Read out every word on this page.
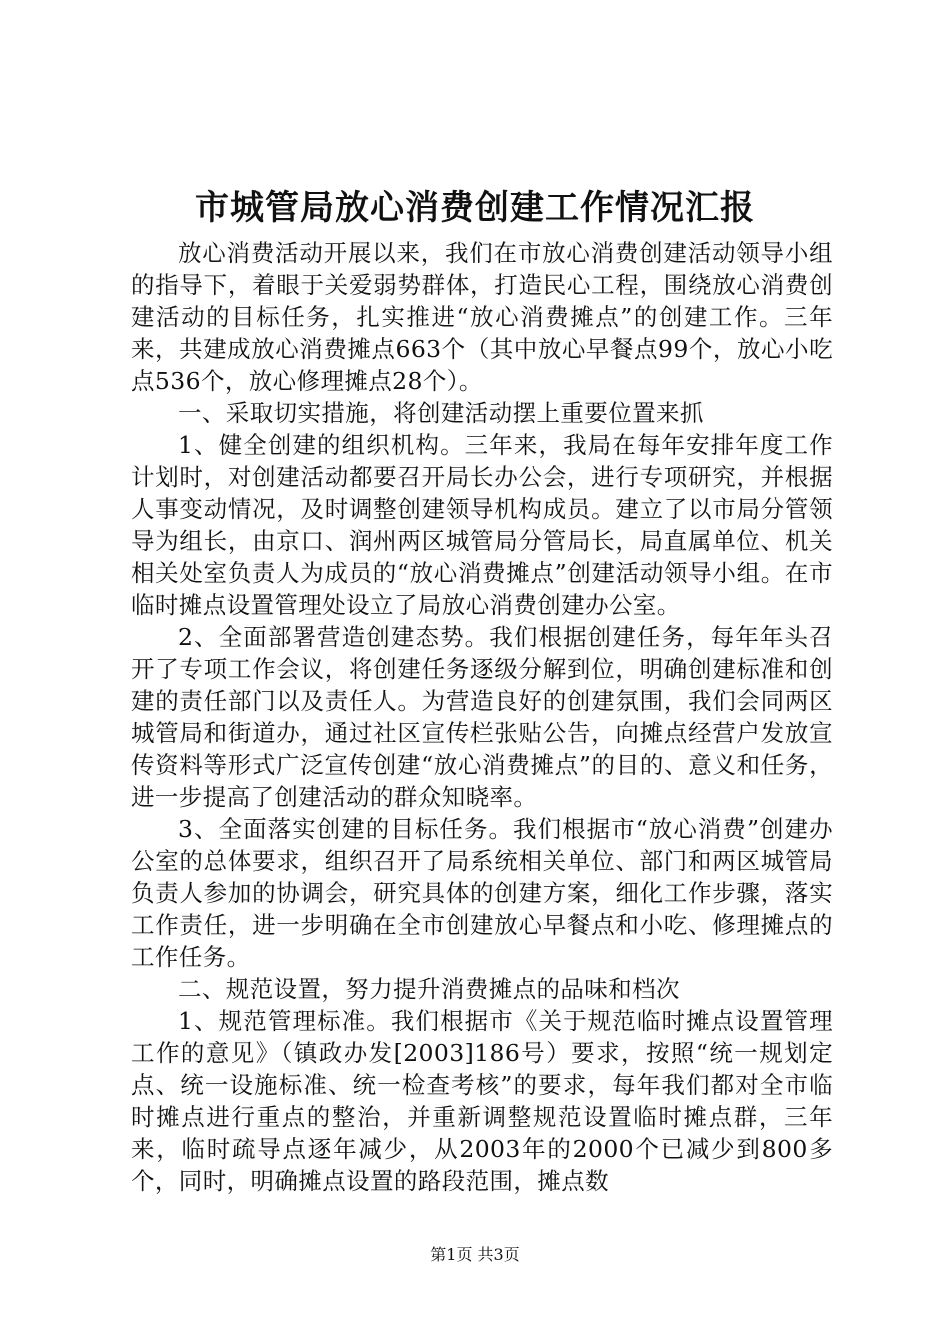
市城管局放心消费创建工作情况汇报

放心消费活动开展以来，我们在市放心消费创建活动领导小组的指导下，着眼于关爱弱势群体，打造民心工程，围绕放心消费创建活动的目标任务，扎实推进“放心消费摊点”的创建工作。三年来，共建成放心消费摊点663个（其中放心早餐点99个，放心小吃点536个，放心修理摊点28个）。

一、采取切实措施，将创建活动摆上重要位置来抓

1、健全创建的组织机构。三年来，我局在每年安排年度工作计划时，对创建活动都要召开局长办公会，进行专项研究，并根据人事变动情况，及时调整创建领导机构成员。建立了以市局分管领导为组长，由京口、润州两区城管局分管局长，局直属单位、机关相关处室负责人为成员的“放心消费摊点”创建活动领导小组。在市临时摊点设置管理处设立了局放心消费创建办公室。

2、全面部署营造创建态势。我们根据创建任务，每年年头召开了专项工作会议，将创建任务逐级分解到位，明确创建标准和创建的责任部门以及责任人。为营造良好的创建氛围，我们会同两区城管局和街道办，通过社区宣传栏张贴公告，向摊点经营户发放宣传资料等形式广泛宣传创建“放心消费摊点”的目的、意义和任务，进一步提高了创建活动的群众知晓率。

3、全面落实创建的目标任务。我们根据市“放心消费”创建办公室的总体要求，组织召开了局系统相关单位、部门和两区城管局负责人参加的协调会，研究具体的创建方案，细化工作步骤，落实工作责任，进一步明确在全市创建放心早餐点和小吃、修理摊点的工作任务。

二、规范设置，努力提升消费摊点的品味和档次

1、规范管理标准。我们根据市《关于规范临时摊点设置管理工作的意见》（镇政办发[2003]186号）要求，按照“统一规划定点、统一设施标准、统一检查考核”的要求，每年我们都对全市临时摊点进行重点的整治，并重新调整规范设置临时摊点群，三年来，临时疏导点逐年减少，从2003年的2000个已减少到800多个，同时，明确摊点设置的路段范围，摊点数

第1页 共3页
